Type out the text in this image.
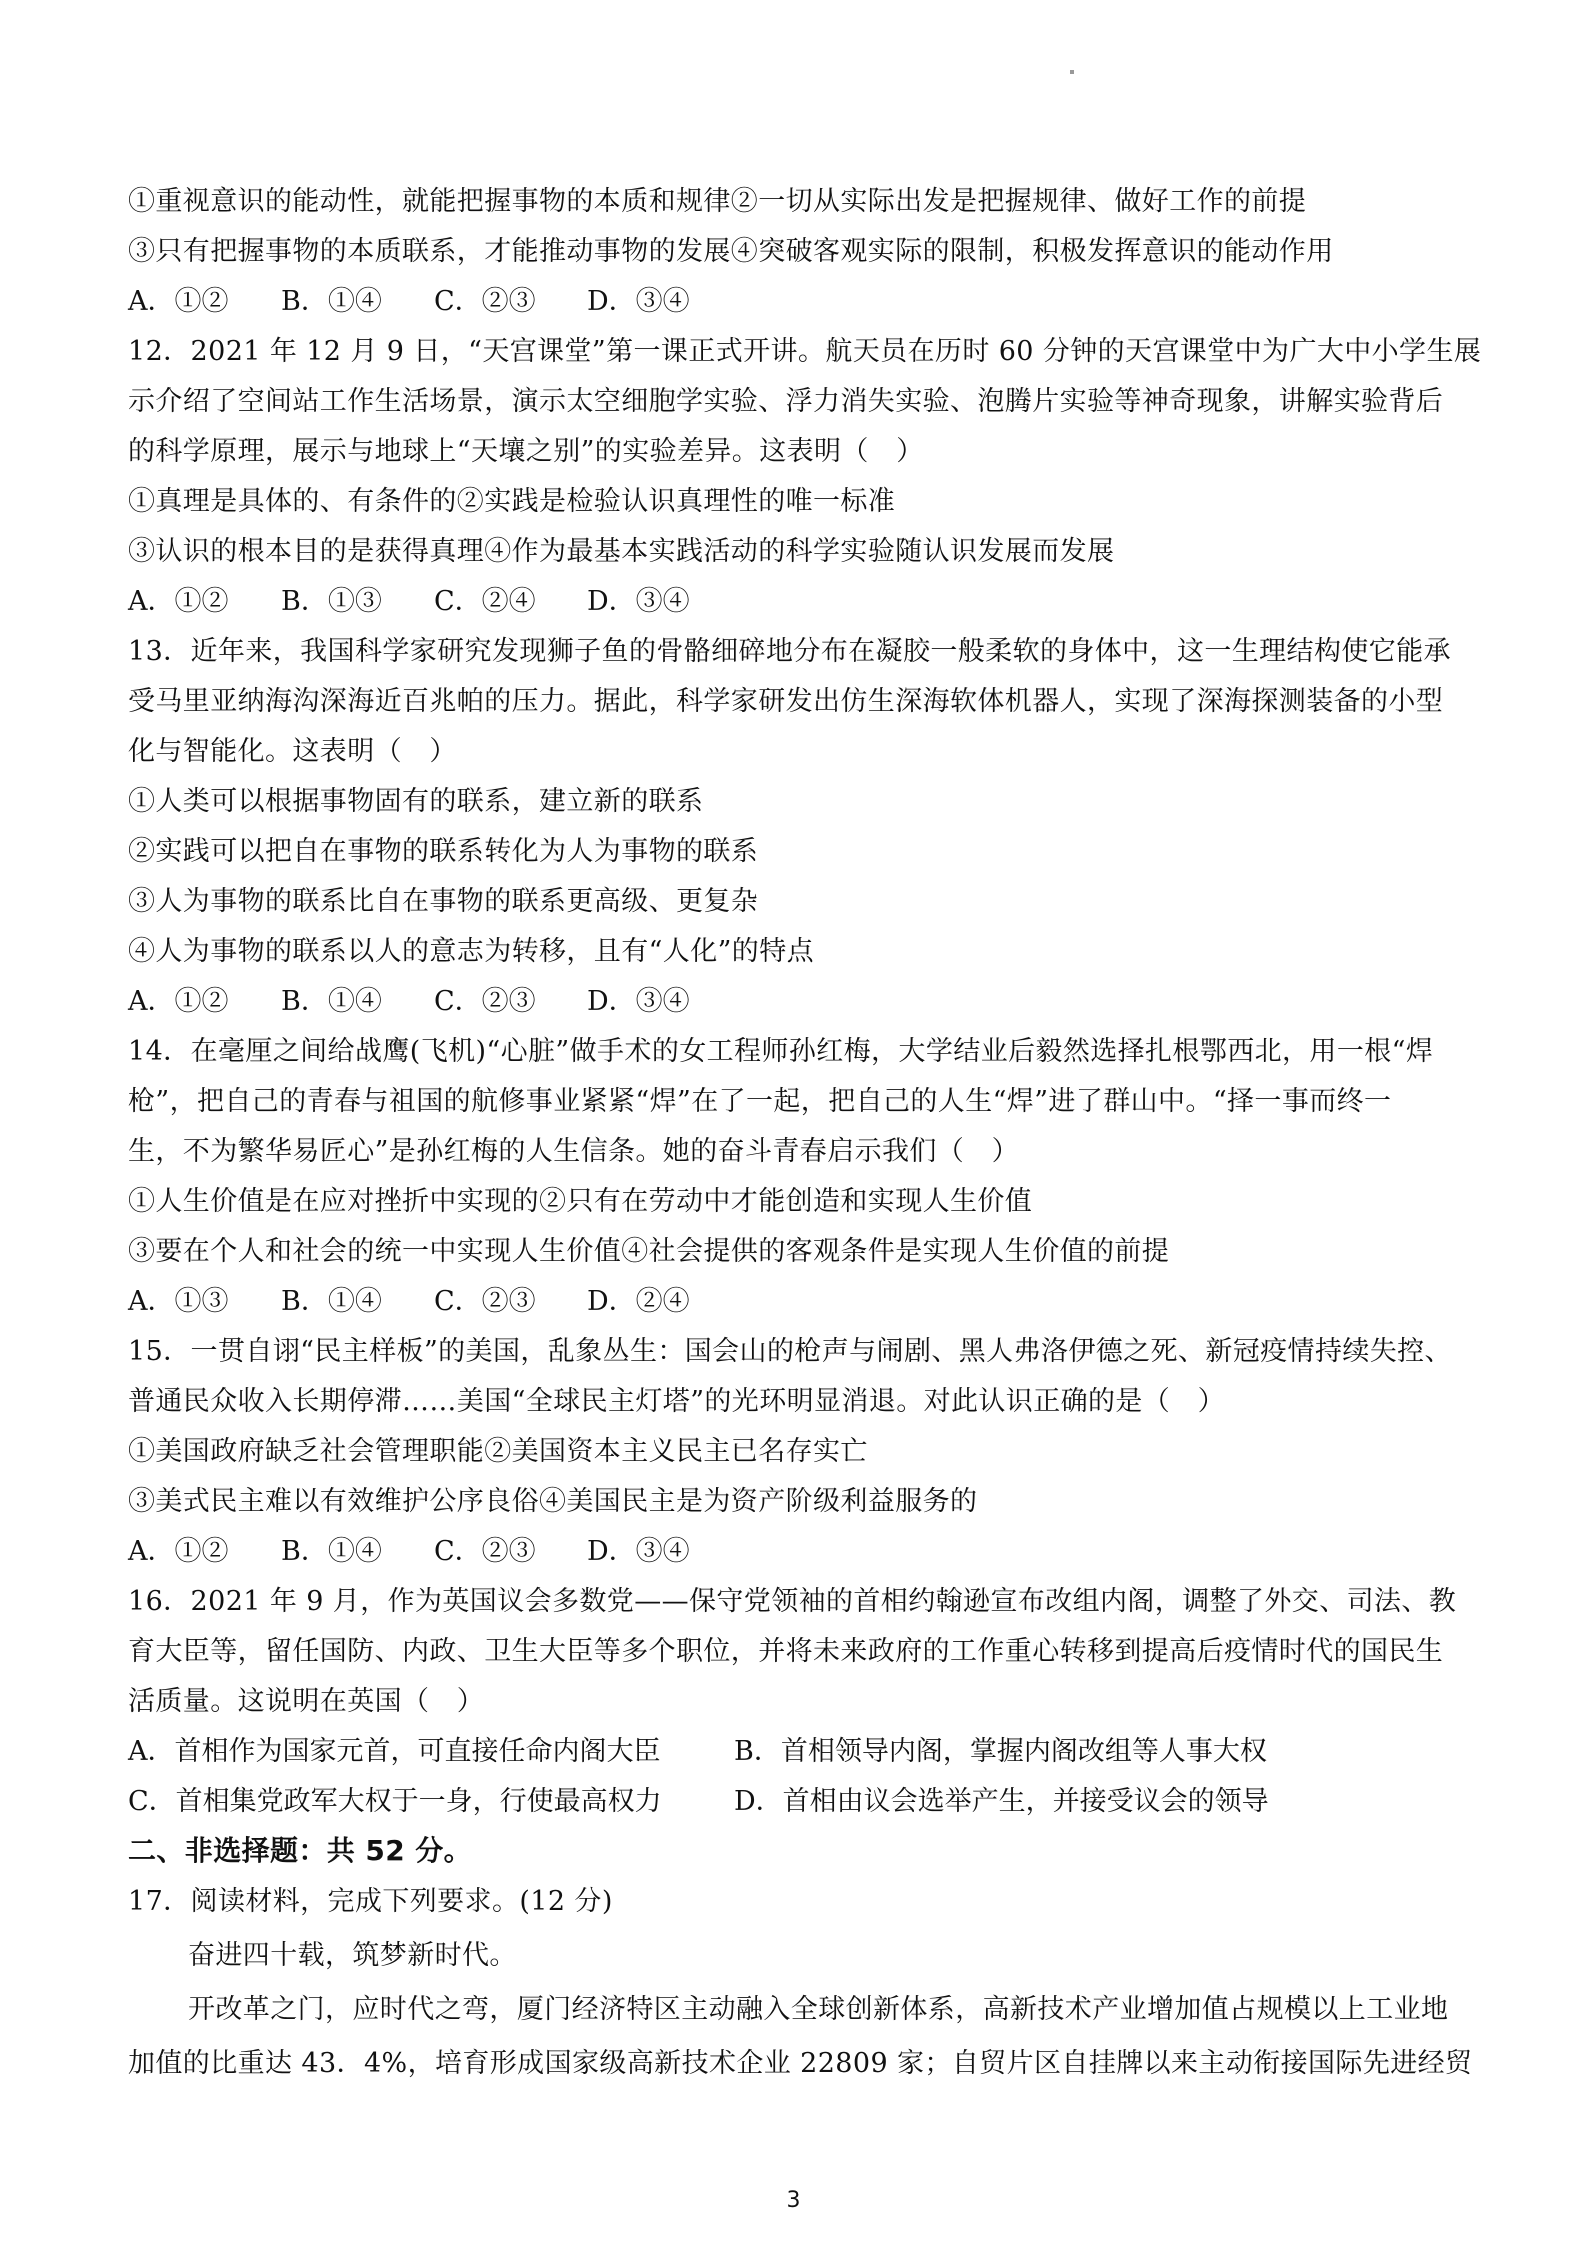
①重视意识的能动性，就能把握事物的本质和规律②一切从实际出发是把握规律、做好工作的前提
③只有把握事物的本质联系，才能推动事物的发展④突破客观实际的限制，积极发挥意识的能动作用
A．①② B．①④ C．②③ D．③④
12．2021 年 12 月 9 日，“天宫课堂”第一课正式开讲。航天员在历时 60 分钟的天宫课堂中为广大中小学生展
示介绍了空间站工作生活场景，演示太空细胞学实验、浮力消失实验、泡腾片实验等神奇现象，讲解实验背后
的科学原理，展示与地球上“天壤之别”的实验差异。这表明（　）
①真理是具体的、有条件的②实践是检验认识真理性的唯一标准
③认识的根本目的是获得真理④作为最基本实践活动的科学实验随认识发展而发展
A．①② B．①③ C．②④ D．③④
13．近年来，我国科学家研究发现狮子鱼的骨骼细碎地分布在凝胶一般柔软的身体中，这一生理结构使它能承
受马里亚纳海沟深海近百兆帕的压力。据此，科学家研发出仿生深海软体机器人，实现了深海探测装备的小型
化与智能化。这表明（　）
①人类可以根据事物固有的联系，建立新的联系
②实践可以把自在事物的联系转化为人为事物的联系
③人为事物的联系比自在事物的联系更高级、更复杂
④人为事物的联系以人的意志为转移，且有“人化”的特点
A．①② B．①④ C．②③ D．③④
14．在毫厘之间给战鹰(飞机)“心脏”做手术的女工程师孙红梅，大学结业后毅然选择扎根鄂西北，用一根“焊
枪”，把自己的青春与祖国的航修事业紧紧“焊”在了一起，把自己的人生“焊”进了群山中。“择一事而终一
生，不为繁华易匠心”是孙红梅的人生信条。她的奋斗青春启示我们（　）
①人生价值是在应对挫折中实现的②只有在劳动中才能创造和实现人生价值
③要在个人和社会的统一中实现人生价值④社会提供的客观条件是实现人生价值的前提
A．①③ B．①④ C．②③ D．②④
15．一贯自诩“民主样板”的美国，乱象丛生：国会山的枪声与闹剧、黑人弗洛伊德之死、新冠疫情持续失控、
普通民众收入长期停滞……美国“全球民主灯塔”的光环明显消退。对此认识正确的是（　）
①美国政府缺乏社会管理职能②美国资本主义民主已名存实亡
③美式民主难以有效维护公序良俗④美国民主是为资产阶级利益服务的
A．①② B．①④ C．②③ D．③④
16．2021 年 9 月，作为英国议会多数党——保守党领袖的首相约翰逊宣布改组内阁，调整了外交、司法、教
育大臣等，留任国防、内政、卫生大臣等多个职位，并将未来政府的工作重心转移到提高后疫情时代的国民生
活质量。这说明在英国（　）
A．首相作为国家元首，可直接任命内阁大臣	B．首相领导内阁，掌握内阁改组等人事大权
C．首相集党政军大权于一身，行使最高权力	D．首相由议会选举产生，并接受议会的领导
二、非选择题：共 52 分。
17．阅读材料，完成下列要求。(12 分)
奋进四十载，筑梦新时代。
开改革之门，应时代之弯，厦门经济特区主动融入全球创新体系，高新技术产业增加值占规模以上工业地
加值的比重达 43．4%，培育形成国家级高新技术企业 22809 家；自贸片区自挂牌以来主动衔接国际先进经贸
3
